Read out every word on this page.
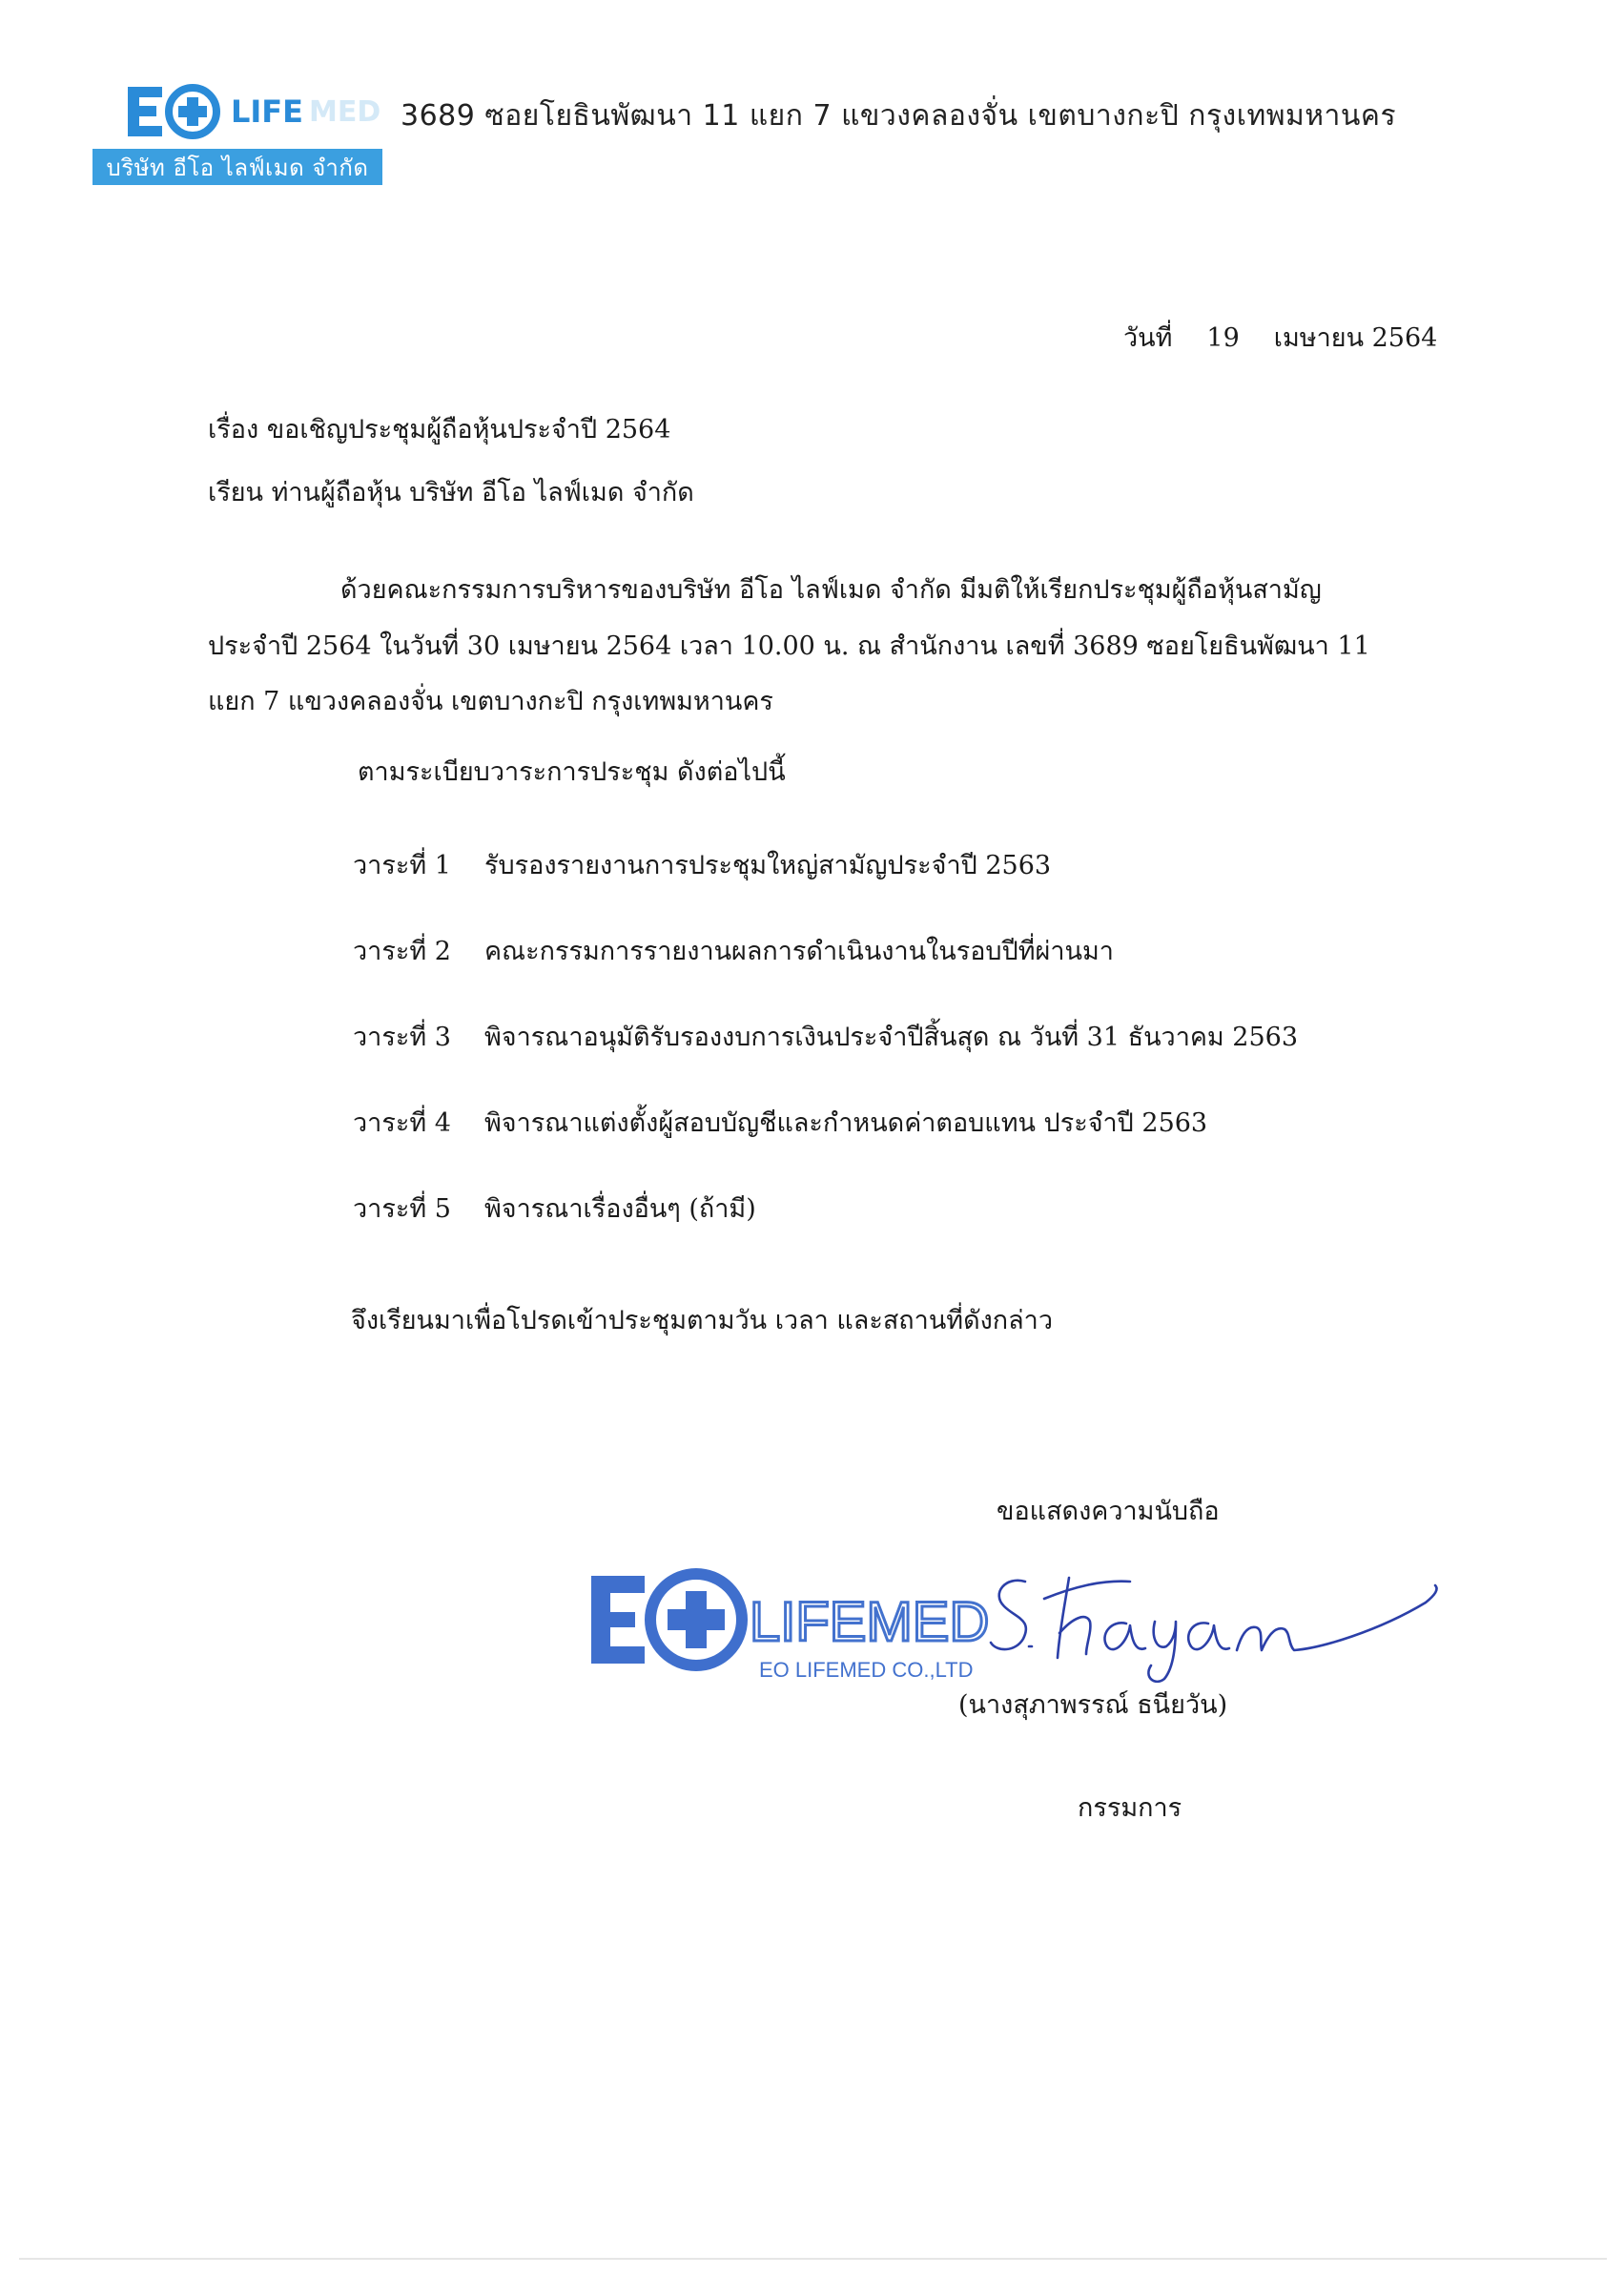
LIFE MED
บริษัท อีโอ ไลฟ์เมด จำกัด
3689 ซอยโยธินพัฒนา 11 แยก 7 แขวงคลองจั่น เขตบางกะปิ กรุงเทพมหานคร
วันที่ 19 เมษายน 2564
เรื่อง ขอเชิญประชุมผู้ถือหุ้นประจำปี 2564
เรียน ท่านผู้ถือหุ้น บริษัท อีโอ ไลฟ์เมด จำกัด
ด้วยคณะกรรมการบริหารของบริษัท อีโอ ไลฟ์เมด จำกัด มีมติให้เรียกประชุมผู้ถือหุ้นสามัญ
ประจำปี 2564 ในวันที่ 30 เมษายน 2564 เวลา 10.00 น. ณ สำนักงาน เลขที่ 3689 ซอยโยธินพัฒนา 11
แยก 7 แขวงคลองจั่น เขตบางกะปิ กรุงเทพมหานคร
ตามระเบียบวาระการประชุม ดังต่อไปนี้
วาระที่ 1 รับรองรายงานการประชุมใหญ่สามัญประจำปี 2563
วาระที่ 2 คณะกรรมการรายงานผลการดำเนินงานในรอบปีที่ผ่านมา
วาระที่ 3 พิจารณาอนุมัติรับรองงบการเงินประจำปีสิ้นสุด ณ วันที่ 31 ธันวาคม 2563
วาระที่ 4 พิจารณาแต่งตั้งผู้สอบบัญชีและกำหนดค่าตอบแทน ประจำปี 2563
วาระที่ 5 พิจารณาเรื่องอื่นๆ (ถ้ามี)
จึงเรียนมาเพื่อโปรดเข้าประชุมตามวัน เวลา และสถานที่ดังกล่าว
ขอแสดงความนับถือ
LIFEMED
EO LIFEMED CO.,LTD
(นางสุภาพรรณ์ ธนียวัน)
กรรมการ
